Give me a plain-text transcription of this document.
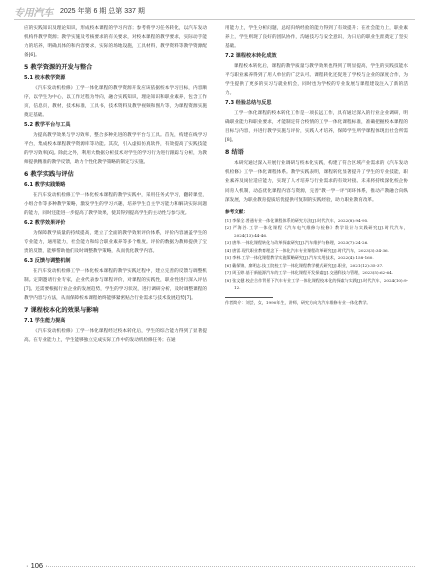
专用汽车 2025 年第 6 期 总第 337 期

应的实践知识及理论知识，形成校本课程的学习内容；参考将学习任务转化，以汽车发动机构件教学资源；教学实施及考核要求的有关要求，对校本课程的教学要求，实际动手能力的培养，明确具体的和内容要求，实际的场地设施，工具材料，教学资料等教学资源配备[6]。

5 教学资源的开发与整合
5.1 校本教学资源

《汽车发动机检修》工学一体化课程的教学资源开发应该依据校本学习目标，内容顺序，以学生为中心，以工作过程为导向，融合实践知识，理论知识和职业素养，包含工作页，信息页，教材，技术标准，工具书，技术资料及教学视频和图片等，为课程资源实施奠定基础。

5.2 教学平台与工具

为提高教学效果与学习效率，整合多种先进的教学平台与工具。首先，构建在线学习平台，集成校本课程教学资源库等功能。其次，引入虚拟仿真软件，有效提高了实践技能的学习效率[6]。除此之外，利用大数据分析技术对学生的学习行为进行跟踪与分析，为教师提供精准的教学反馈，助力个性化教学策略的制定与实施。

6 教学实践与评估
6.1 教学实践策略

在汽车发动机检修工学一体化校本课程的教学实践中，采用任务式学习，翻转课堂，小组合作等多种教学策略，激发学生的学习兴趣，培养学生自主学习能力和解决实际问题的能力，同时还能进一步提高了教学效果，使其得到提高学生的主动性与参与度。

6.2 教学效果评价

为保障教学质量的持续提高，建立了全面的教学效果评价体系，评价内容涵盖学生的专业能力，通用能力，社会能力和综合职业素养等多个维度。评价的数据为教师提供了宝贵的反馈，能够帮助他们及时调整教学策略，从而优化教学内容。

6.3 反馈与调整机制

在汽车发动机检修工学一体化校本课程的教学实践过程中，建立完善的反馈与调整机制。定期邀请行业专家，企业代表参与课程评价，对课程的实践性，职业性进行深入评估[7]。还需要根据行业企业的发展趋势，学生的学习状况，进行调研分析，及时调整课程的教学内容与方法，从而保障校本课程始终能够紧密贴合行业需求与技术发展趋势[7]。

7 课程校本化的效果与影响
7.1 学生能力提高

《汽车发动机检修》工学一体化课程经过校本转化后，学生的综合能力得到了显著提高。在专业能力上，学生能够独立完成实际工作中的发动机检修任务；在通

用能力上，学生分析问题，总结归纳经验的能力得到了有效提升；在社会能力上，职业素养上，学生则现了良好的团队协作，沟通技巧与安全意识，为日后的职业生涯奠定了坚实基础。

7.2 课程校本转化成效

课程校本转化后，课程的教学质量与教学效果也得到了明显提高，学生的实践技能水平与职业素养得到了用人单位的广泛认可。课程转化还促进了学校与企业的深度合作，为学生提供了更多的实习与就业机会，同时也为学校的专业发展与课程建设注入了新的活力。

7.3 经验总结与反思

工学一体化课程的校本转化工作是一项长远工作，具有通过深入的行业企业调研，明确职业能力和职业要求，才能制定符合校情的工学一体化课程标准，准确把握校本课程的目标与内容，并进行教学实施与评价，实践人才培养，保障学生所学课程体现出社会所需[8]。

8 结语

本研究通过深入开展行业调研与校本化实践，构建了符合区域产业需求的《汽车发动机检修》工学一体化课程体系。教学实践表明，课程转化显著提升了学生的专业技能，职业素养及岗位适应能力，实现了人才培养与行业需求的有效对接。未来将持续深化校企协同育人机制，动态优化课程内容与资源，完善"教一学一评"闭环体系，推动产教融合向纵深发展，为职业教育提质培优提供可复制的实践经验，助力职业教育改革。

参考文献：
[1] 李保全.普通专业一体化课程体系的研究方法[J].时代汽车，2022(8):94-95.
[2] 严海谷.工学一体化课程《汽车电气维修与检修》教学设计与实践研究[J].时代汽车，2024(13):44-46.
[3] 唐华.一体化课程转化与改革探索研究[J].汽车维护与修理，2023(7):24-26.
[4] 唐雷.现代职业教育理念下一体化汽车专业课程改革研究[J].时代汽车，2023(3):34-36.
[5] 李林.工学一体化课程教学实施策略研究[J].汽车实用技术，2022(4):158-160.
[6] 戴保锦，廖明志.技工院校工学一体化课程教学模式研究[J].职业，2021(12):35-37.
[7] 周玉婷.基于新能源汽车的工学一体化课程开发探索[J].交通科技与管理，2023(5):62-64.
[8] 张文健.校企合作背景下汽车专业工学一体化课程校本化的探索与实践[J].时代汽车，2024(10):9-12.
作者简介：刘芸，女，1990年生，讲师，研究方向为汽车维修专业一体化教学。
· 106 ·
